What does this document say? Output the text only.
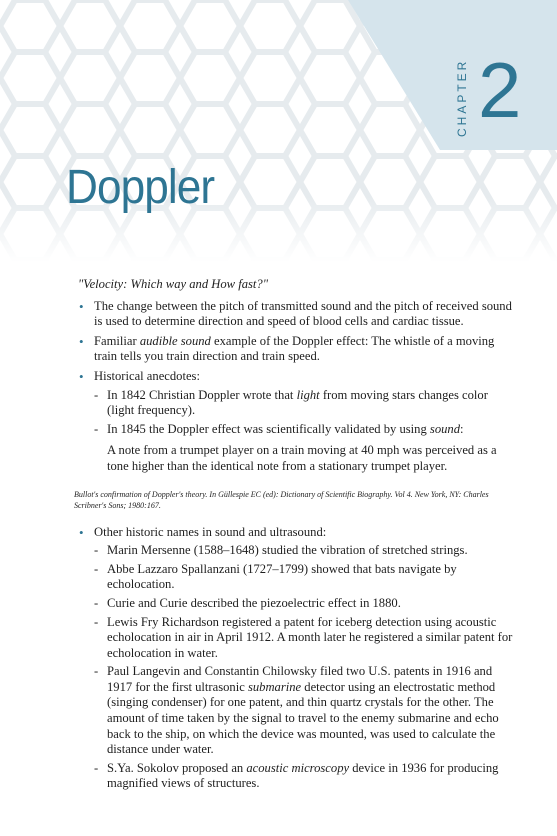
CHAPTER 2
Doppler

"Velocity: Which way and How fast?"

• The change between the pitch of transmitted sound and the pitch of received sound is used to determine direction and speed of blood cells and cardiac tissue.
• Familiar audible sound example of the Doppler effect: The whistle of a moving train tells you train direction and train speed.
• Historical anecdotes:
- In 1842 Christian Doppler wrote that light from moving stars changes color (light frequency).
- In 1845 the Doppler effect was scientifically validated by using sound:

A note from a trumpet player on a train moving at 40 mph was perceived as a tone higher than the identical note from a stationary trumpet player.

Bullot's confirmation of Doppler's theory. In Güllespie EC (ed): Dictionary of Scientific Biography. Vol 4. New York, NY: Charles Scribner's Sons; 1980:167.

• Other historic names in sound and ultrasound:
- Marin Mersenne (1588–1648) studied the vibration of stretched strings.
- Abbe Lazzaro Spallanzani (1727–1799) showed that bats navigate by echolocation.
- Curie and Curie described the piezoelectric effect in 1880.
- Lewis Fry Richardson registered a patent for iceberg detection using acoustic echolocation in air in April 1912. A month later he registered a similar patent for echolocation in water.
- Paul Langevin and Constantin Chilowsky filed two U.S. patents in 1916 and 1917 for the first ultrasonic submarine detector using an electrostatic method (singing condenser) for one patent, and thin quartz crystals for the other. The amount of time taken by the signal to travel to the enemy submarine and echo back to the ship, on which the device was mounted, was used to calculate the distance under water.
- S.Ya. Sokolov proposed an acoustic microscopy device in 1936 for producing magnified views of structures.
